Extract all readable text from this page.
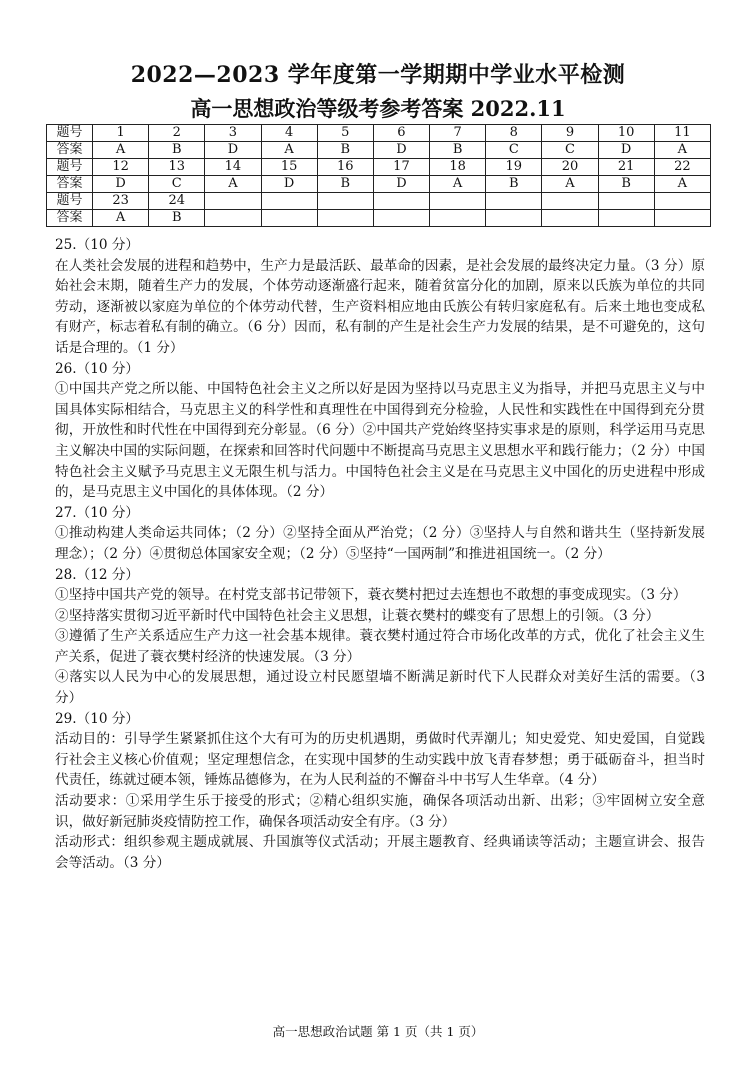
2022—2023 学年度第一学期期中学业水平检测
高一思想政治等级考参考答案 2022.11
题号	1	2	3	4	5	6	7	8	9	10	11
答案	A	B	D	A	B	D	B	C	C	D	A
题号	12	13	14	15	16	17	18	19	20	21	22
答案	D	C	A	D	B	D	A	B	A	B	A
题号	23	24									
答案	A	B									

25.（10 分）

在人类社会发展的进程和趋势中，生产力是最活跃、最革命的因素，是社会发展的最终决定力量。（3 分）原始社会末期，随着生产力的发展，个体劳动逐渐盛行起来，随着贫富分化的加剧，原来以氏族为单位的共同劳动，逐渐被以家庭为单位的个体劳动代替，生产资料相应地由氏族公有转归家庭私有。后来土地也变成私有财产，标志着私有制的确立。（6 分）因而，私有制的产生是社会生产力发展的结果，是不可避免的，这句话是合理的。（1 分）

26.（10 分）

①中国共产党之所以能、中国特色社会主义之所以好是因为坚持以马克思主义为指导，并把马克思主义与中国具体实际相结合，马克思主义的科学性和真理性在中国得到充分检验，人民性和实践性在中国得到充分贯彻，开放性和时代性在中国得到充分彰显。（6 分）②中国共产党始终坚持实事求是的原则，科学运用马克思主义解决中国的实际问题，在探索和回答时代问题中不断提高马克思主义思想水平和践行能力；（2 分）中国特色社会主义赋予马克思主义无限生机与活力。中国特色社会主义是在马克思主义中国化的历史进程中形成的，是马克思主义中国化的具体体现。（2 分）

27.（10 分）

①推动构建人类命运共同体；（2 分）②坚持全面从严治党；（2 分）③坚持人与自然和谐共生（坚持新发展理念）；（2 分）④贯彻总体国家安全观；（2 分）⑤坚持“一国两制”和推进祖国统一。（2 分）

28.（12 分）

①坚持中国共产党的领导。在村党支部书记带领下，蓑衣樊村把过去连想也不敢想的事变成现实。（3 分）

②坚持落实贯彻习近平新时代中国特色社会主义思想，让蓑衣樊村的蝶变有了思想上的引领。（3 分）

③遵循了生产关系适应生产力这一社会基本规律。蓑衣樊村通过符合市场化改革的方式，优化了社会主义生产关系，促进了蓑衣樊村经济的快速发展。（3 分）

④落实以人民为中心的发展思想，通过设立村民愿望墙不断满足新时代下人民群众对美好生活的需要。（3 分）

29.（10 分）

活动目的：引导学生紧紧抓住这个大有可为的历史机遇期，勇做时代弄潮儿；知史爱党、知史爱国，自觉践行社会主义核心价值观；坚定理想信念，在实现中国梦的生动实践中放飞青春梦想；勇于砥砺奋斗，担当时代责任，练就过硬本领，锤炼品德修为，在为人民利益的不懈奋斗中书写人生华章。（4 分）

活动要求：①采用学生乐于接受的形式；②精心组织实施，确保各项活动出新、出彩；③牢固树立安全意识，做好新冠肺炎疫情防控工作，确保各项活动安全有序。（3 分）

活动形式：组织参观主题成就展、升国旗等仪式活动；开展主题教育、经典诵读等活动；主题宣讲会、报告会等活动。（3 分）

高一思想政治试题 第 1 页（共 1 页）
